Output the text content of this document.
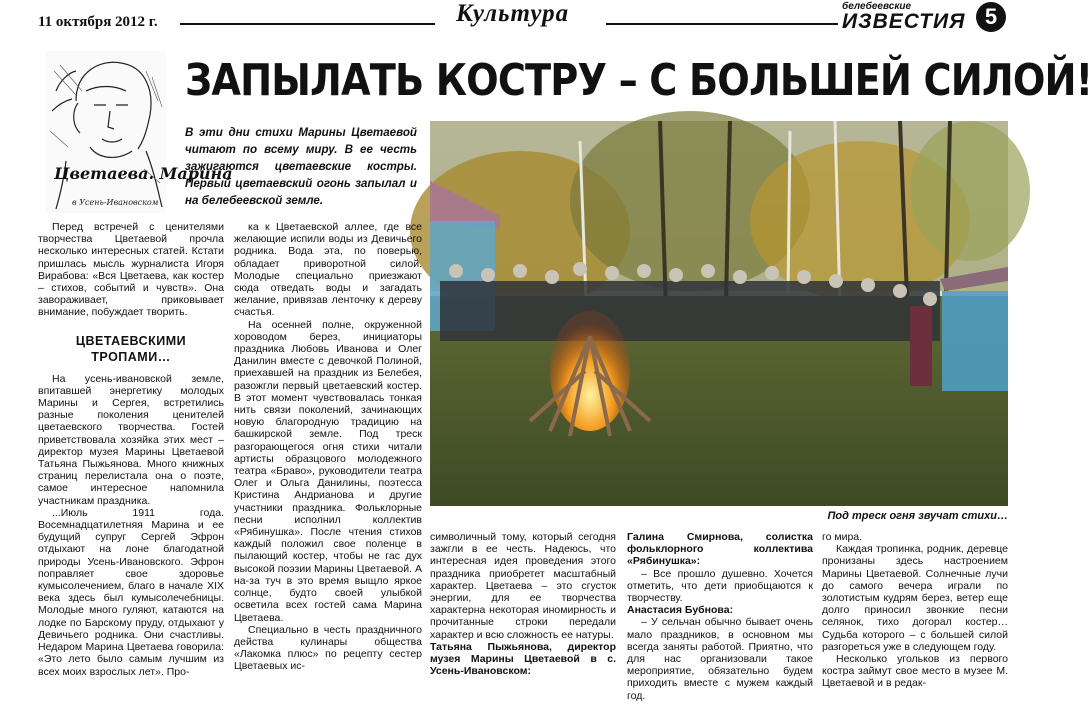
11 октября 2012 г.	Культура	белебеевские
ИЗВЕСТИЯ 5
Цветаева. Марина
в Усень-Ивановском
ЗАПЫЛАТЬ КОСТРУ – С БОЛЬШЕЙ СИЛОЙ!
В эти дни стихи Марины Цветаевой читают по всему миру. В ее честь зажигаются цветаевские костры. Первый цветаевский огонь запылал и на белебеевской земле.
Под треск огня звучат стихи…

Перед встречей с ценителями творчества Цветаевой прочла несколько интересных статей. Кстати пришлась мысль журналиста Игоря Вирабова: «Вся Цветаева, как костер – стихов, событий и чувств». Она завораживает, приковывает внимание, побуждает творить.

ЦВЕТАЕВСКИМИ ТРОПАМИ…

На усень-ивановской земле, впитавшей энергетику молодых Марины и Сергея, встретились разные поколения ценителей цветаевского творчества. Гостей приветствовала хозяйка этих мест – директор музея Марины Цветаевой Татьяна Пыжьянова. Много книжных страниц перелистала она о поэте, самое интересное напомнила участникам праздника.

...Июль 1911 года. Восемнадцатилетняя Марина и ее будущий супруг Сергей Эфрон отдыхают на лоне благодатной природы Усень-Ивановского. Эфрон поправляет свое здоровье кумысолечением, благо в начале XIX века здесь был кумысолечебницы. Молодые много гуляют, катаются на лодке по Барскому пруду, отдыхают у Девичьего родника. Они счастливы. Недаром Марина Цветаева говорила: «Это лето было самым лучшим из всех моих взрослых лет». Про-

ка к Цветаевской аллее, где все желающие испили воды из Девичьего родника. Вода эта, по поверью, обладает приворотной силой. Молодые специально приезжают сюда отведать воды и загадать желание, привязав ленточку к дереву счастья.

На осенней полне, окруженной хороводом берез, инициаторы праздника Любовь Иванова и Олег Данилин вместе с девочкой Полиной, приехавшей на праздник из Белебея, разожгли первый цветаевский костер. В этот момент чувствовалась тонкая нить связи поколений, зачинающих новую благородную традицию на башкирской земле. Под треск разгорающегося огня стихи читали артисты образцового молодежного театра «Браво», руководители театра Олег и Ольга Данилины, поэтесса Кристина Андрианова и другие участники праздника. Фольклорные песни исполнил коллектив «Рябинушка». После чтения стихов каждый положил свое поленце в пылающий костер, чтобы не гас дух высокой поэзии Марины Цветаевой. А на-за туч в это время выщло яркое солнце, будто своей улыбкой осветила всех гостей сама Марина Цветаева.

Специально в честь праздничного действа кулинары общества «Лакомка плюс» по рецепту сестер Цветаевых ис-

символичный тому, который сегодня зажгли в ее честь. Надеюсь, что интересная идея проведения этого праздника приобретет масштабный характер. Цветаева – это сгусток энергии, для ее творчества характерна некоторая иномирность и прочитанные строки передали характер и всю сложность ее натуры.

Татьяна Пыжьянова, директор музея Марины Цветаевой в с. Усень-Ивановском:

Галина Смирнова, солистка фольклорного коллектива «Рябинушка»:

– Все прошло душевно. Хочется отметить, что дети приобщаются к творчеству.

Анастасия Бубнова:

– У сельчан обычно бывает очень мало праздников, в основном мы всегда заняты работой. Приятно, что для нас организовали такое мероприятие, обязательно будем приходить вместе с мужем каждый год.

го мира.

Каждая тропинка, родник, деревце пронизаны здесь настроением Марины Цветаевой. Солнечные лучи до самого вечера играли по золотистым кудрям берез, ветер еще долго приносил звонкие песни селянок, тихо догорал костер… Судьба которого – с большей силой разгореться уже в следующем году.

Несколько угольков из первого костра займут свое место в музее М. Цветаевой и в редак-
